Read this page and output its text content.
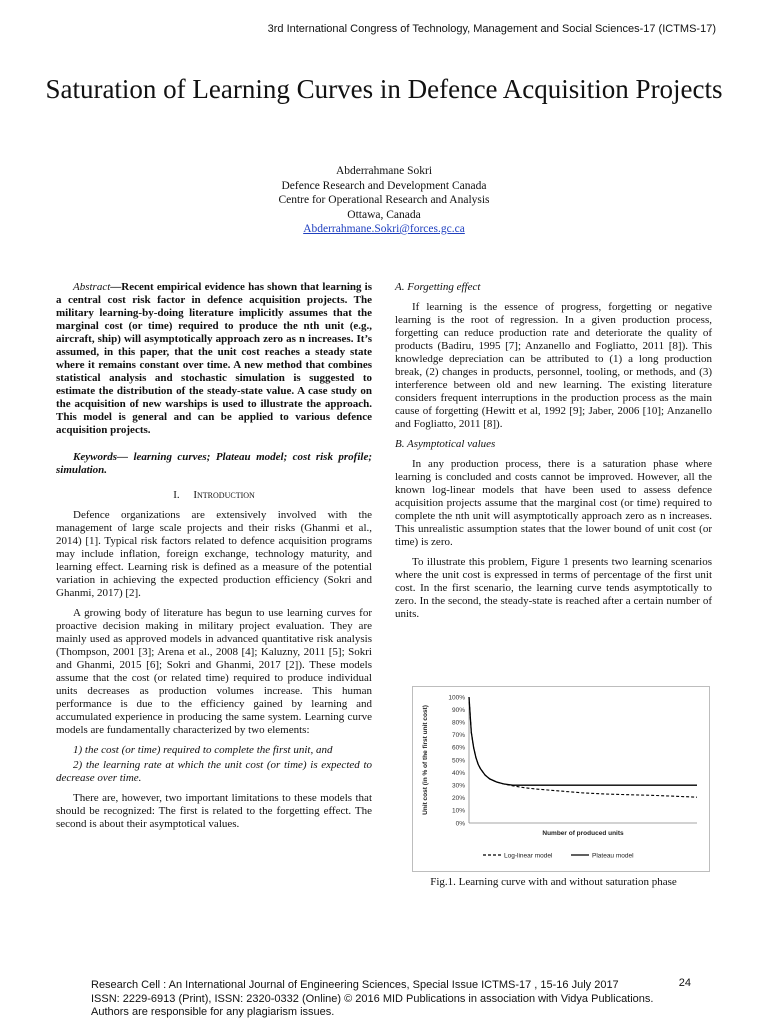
3rd International Congress of Technology, Management and Social Sciences-17 (ICTMS-17)
Saturation of Learning Curves in Defence Acquisition Projects
Abderrahmane Sokri
Defence Research and Development Canada
Centre for Operational Research and Analysis
Ottawa, Canada
Abderrahmane.Sokri@forces.gc.ca

Abstract—Recent empirical evidence has shown that learning is a central cost risk factor in defence acquisition projects. The military learning-by-doing literature implicitly assumes that the marginal cost (or time) required to produce the nth unit (e.g., aircraft, ship) will asymptotically approach zero as n increases. It’s assumed, in this paper, that the unit cost reaches a steady state where it remains constant over time. A new method that combines statistical analysis and stochastic simulation is suggested to estimate the distribution of the steady-state value. A case study on the acquisition of new warships is used to illustrate the approach. This model is general and can be applied to various defence acquisition projects.

Keywords— learning curves; Plateau model; cost risk profile; simulation.

I. Introduction

Defence organizations are extensively involved with the management of large scale projects and their risks (Ghanmi et al., 2014) [1]. Typical risk factors related to defence acquisition programs may include inflation, foreign exchange, technology maturity, and learning effect. Learning risk is defined as a measure of the potential variation in achieving the expected production efficiency (Sokri and Ghanmi, 2017) [2].

A growing body of literature has begun to use learning curves for proactive decision making in military project evaluation. They are mainly used as approved models in advanced quantitative risk analysis (Thompson, 2001 [3]; Arena et al., 2008 [4]; Kaluzny, 2011 [5]; Sokri and Ghanmi, 2015 [6]; Sokri and Ghanmi, 2017 [2]). These models assume that the cost (or related time) required to produce individual units decreases as production volumes increase. This human performance is due to the efficiency gained by learning and accumulated experience in producing the same system. Learning curve models are fundamentally characterized by two elements:

1) the cost (or time) required to complete the first unit, and

2) the learning rate at which the unit cost (or time) is expected to decrease over time.

There are, however, two important limitations to these models that should be recognized: The first is related to the forgetting effect. The second is about their asymptotical values.

A. Forgetting effect

If learning is the essence of progress, forgetting or negative learning is the root of regression. In a given production process, forgetting can reduce production rate and deteriorate the quality of products (Badiru, 1995 [7]; Anzanello and Fogliatto, 2011 [8]). This knowledge depreciation can be attributed to (1) a long production break, (2) changes in products, personnel, tooling, or methods, and (3) interference between old and new learning. The existing literature considers frequent interruptions in the production process as the main cause of forgetting (Hewitt et al, 1992 [9]; Jaber, 2006 [10]; Anzanello and Fogliatto, 2011 [8]).

B. Asymptotical values

In any production process, there is a saturation phase where learning is concluded and costs cannot be improved. However, all the known log-linear models that have been used to assess defence acquisition projects assume that the marginal cost (or time) required to complete the nth unit will asymptotically approach zero as n increases. This unrealistic assumption states that the lower bound of unit cost (or time) is zero.

To illustrate this problem, Figure 1 presents two learning scenarios where the unit cost is expressed in terms of percentage of the first unit cost. In the first scenario, the learning curve tends asymptotically to zero. In the second, the steady-state is reached after a certain number of units.

0%
10%
20%
30%
40%
50%
60%
70%
80%
90%
100%
Number of produced units
Unit cost (in % of the first unit cost)
Log-linear model	Plateau model
Fig.1. Learning curve with and without saturation phase
Research Cell : An International Journal of Engineering Sciences, Special Issue ICTMS-17 , 15-16 July 2017
ISSN: 2229-6913 (Print), ISSN: 2320-0332 (Online) © 2016 MID Publications in association with Vidya Publications.
Authors are responsible for any plagiarism issues.
24
